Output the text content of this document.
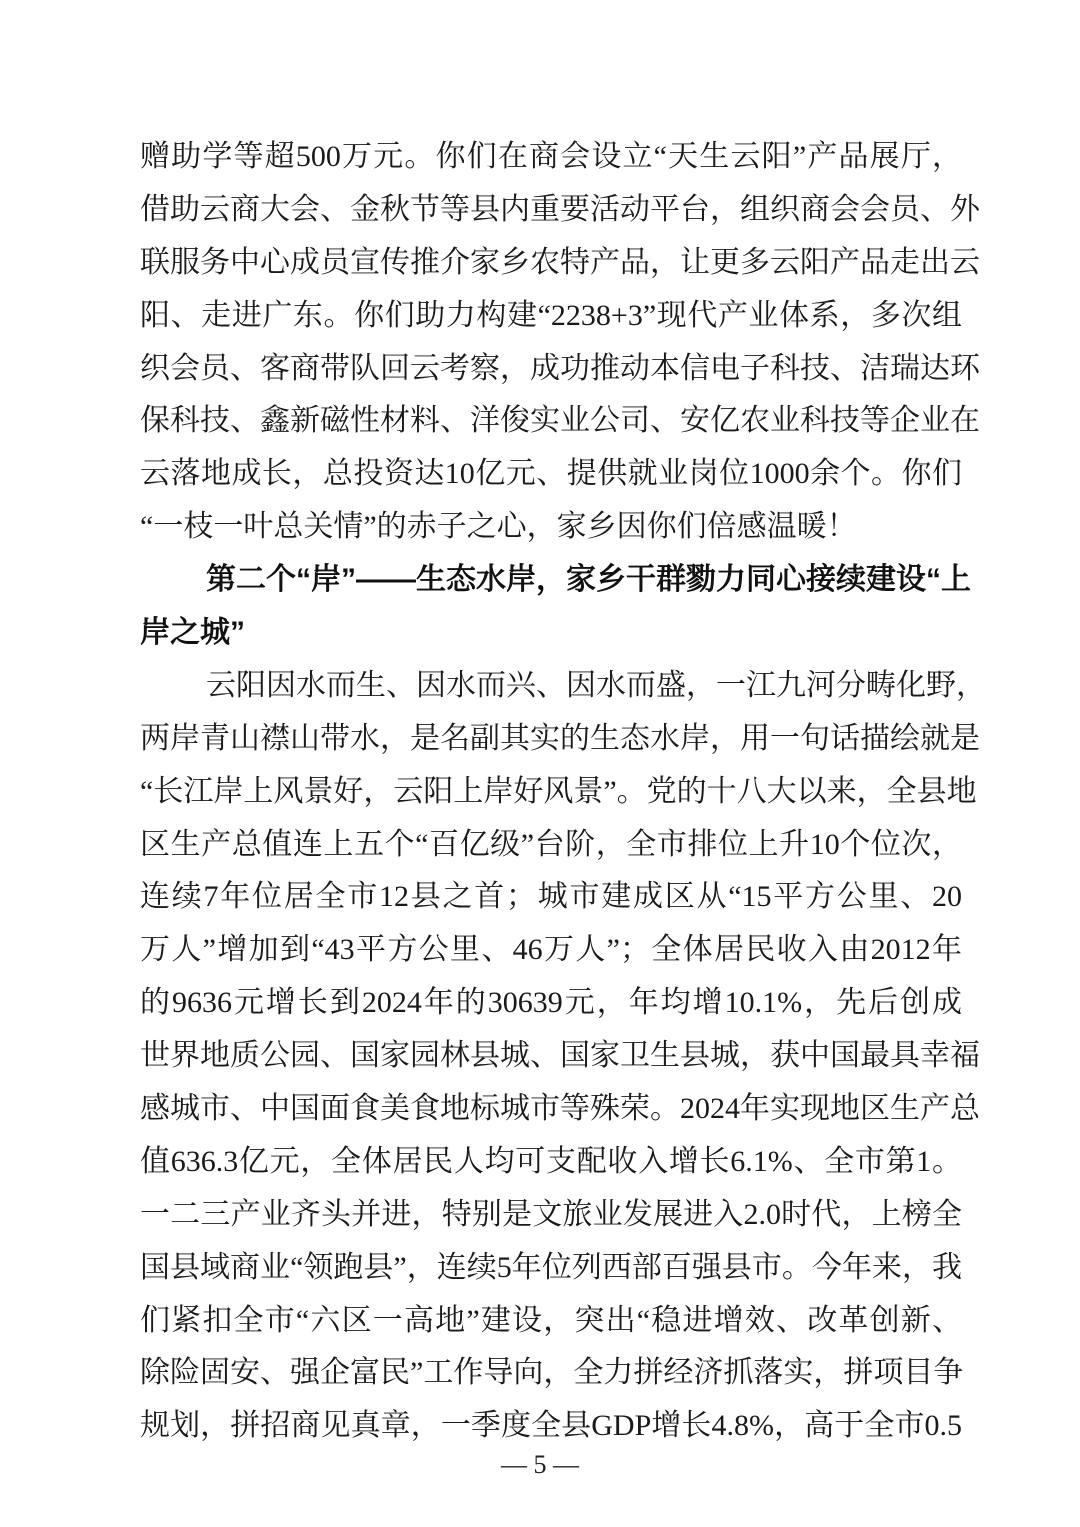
赠助学等超500万元。你们在商会设立“天生云阳”产品展厅，
借助云商大会、金秋节等县内重要活动平台，组织商会会员、外
联服务中心成员宣传推介家乡农特产品，让更多云阳产品走出云
阳、走进广东。你们助力构建“2238+3”现代产业体系，多次组
织会员、客商带队回云考察，成功推动本信电子科技、洁瑞达环
保科技、鑫新磁性材料、洋俊实业公司、安亿农业科技等企业在
云落地成长，总投资达10亿元、提供就业岗位1000余个。你们
“一枝一叶总关情”的赤子之心，家乡因你们倍感温暖！
第二个“岸”——生态水岸，家乡干群勠力同心接续建设“上
岸之城”
云阳因水而生、因水而兴、因水而盛，一江九河分畴化野，
两岸青山襟山带水，是名副其实的生态水岸，用一句话描绘就是
“长江岸上风景好，云阳上岸好风景”。党的十八大以来，全县地
区生产总值连上五个“百亿级”台阶，全市排位上升10个位次，
连续7年位居全市12县之首；城市建成区从“15平方公里、20
万人”增加到“43平方公里、46万人”；全体居民收入由2012年
的9636元增长到2024年的30639元，年均增10.1%，先后创成
世界地质公园、国家园林县城、国家卫生县城，获中国最具幸福
感城市、中国面食美食地标城市等殊荣。2024年实现地区生产总
值636.3亿元，全体居民人均可支配收入增长6.1%、全市第1。
一二三产业齐头并进，特别是文旅业发展进入2.0时代，上榜全
国县域商业“领跑县”，连续5年位列西部百强县市。今年来，我
们紧扣全市“六区一高地”建设，突出“稳进增效、改革创新、
除险固安、强企富民”工作导向，全力拼经济抓落实，拼项目争
规划，拼招商见真章，一季度全县GDP增长4.8%，高于全市0.5
— 5 —
